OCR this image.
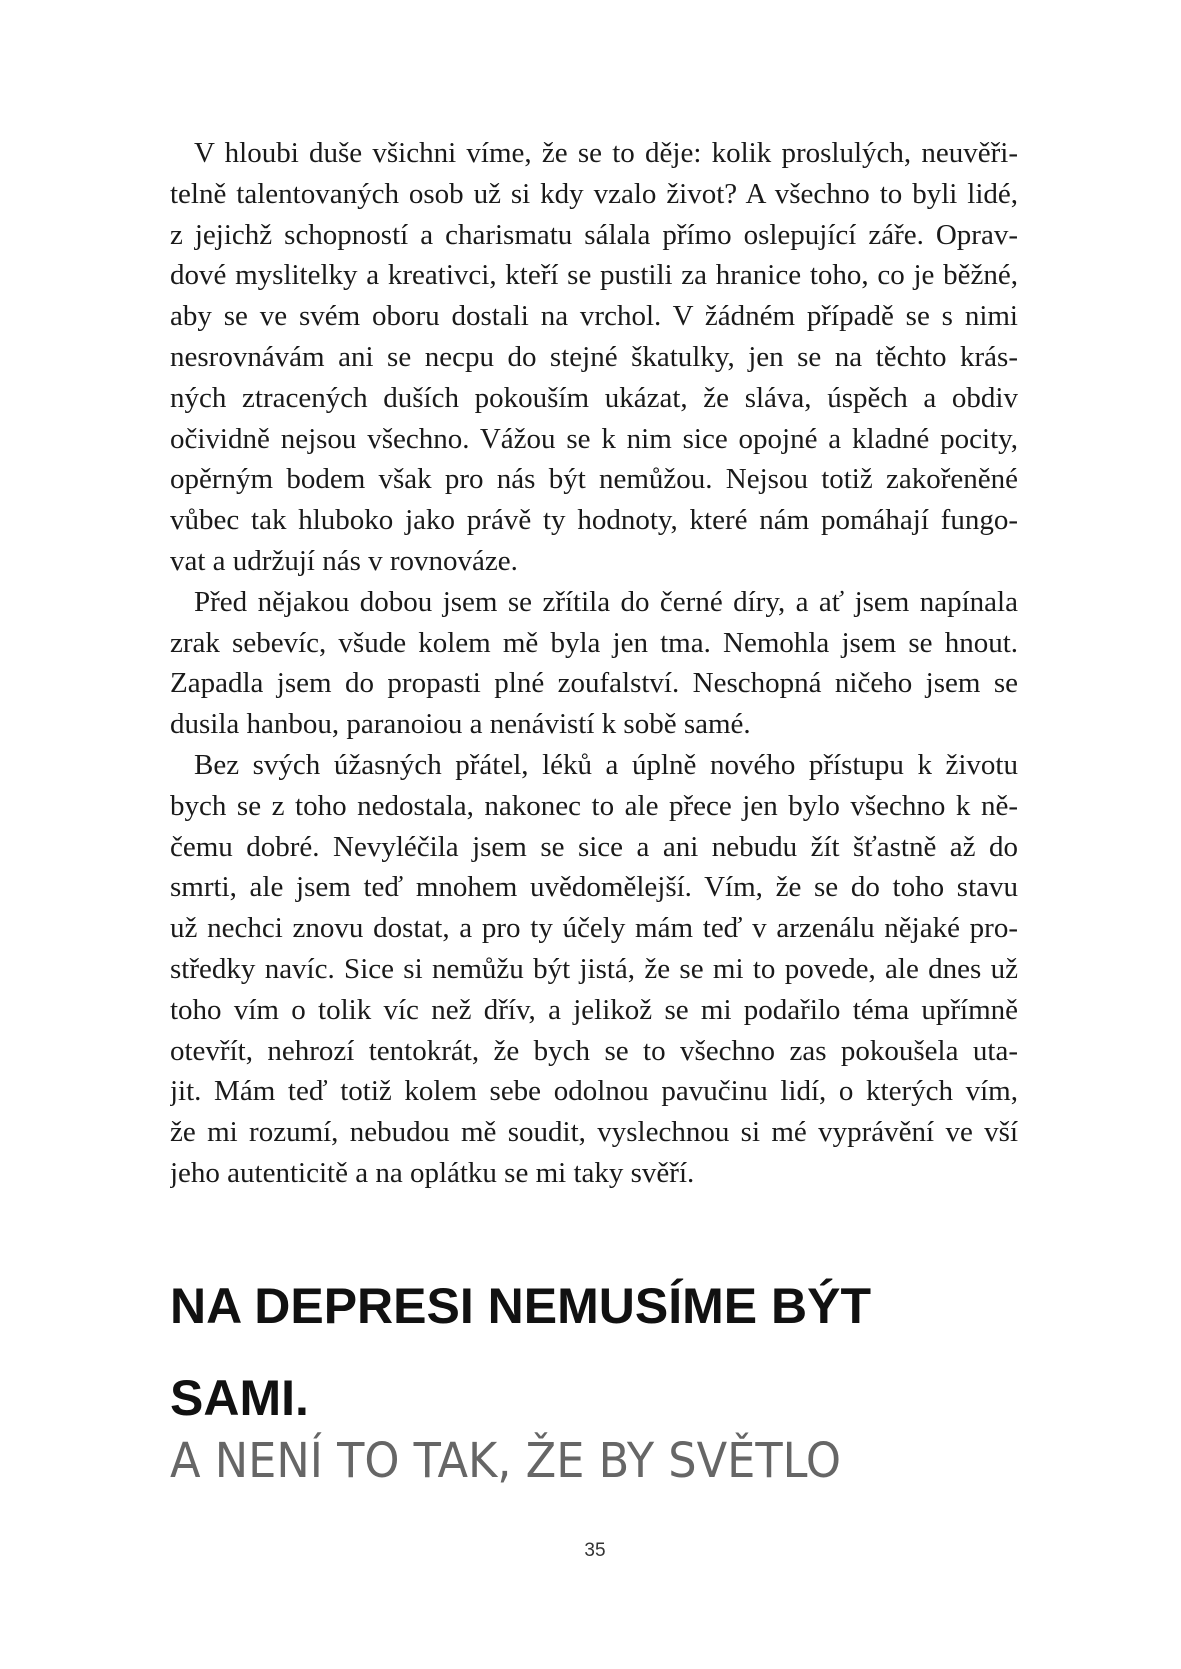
V hloubi duše všichni víme, že se to děje: kolik proslulých, neuvěři-
telně talentovaných osob už si kdy vzalo život? A všechno to byli lidé,
z jejichž schopností a charismatu sálala přímo oslepující záře. Oprav-
dové myslitelky a kreativci, kteří se pustili za hranice toho, co je běžné,
aby se ve svém oboru dostali na vrchol. V žádném případě se s nimi
nesrovnávám ani se necpu do stejné škatulky, jen se na těchto krás-
ných ztracených duších pokouším ukázat, že sláva, úspěch a obdiv
očividně nejsou všechno. Vážou se k nim sice opojné a kladné pocity,
opěrným bodem však pro nás být nemůžou. Nejsou totiž zakořeněné
vůbec tak hluboko jako právě ty hodnoty, které nám pomáhají fungo-
vat a udržují nás v rovnováze.
Před nějakou dobou jsem se zřítila do černé díry, a ať jsem napínala
zrak sebevíc, všude kolem mě byla jen tma. Nemohla jsem se hnout.
Zapadla jsem do propasti plné zoufalství. Neschopná ničeho jsem se
dusila hanbou, paranoiou a nenávistí k sobě samé.
Bez svých úžasných přátel, léků a úplně nového přístupu k životu
bych se z toho nedostala, nakonec to ale přece jen bylo všechno k ně-
čemu dobré. Nevyléčila jsem se sice a ani nebudu žít šťastně až do
smrti, ale jsem teď mnohem uvědomělejší. Vím, že se do toho stavu
už nechci znovu dostat, a pro ty účely mám teď v arzenálu nějaké pro-
středky navíc. Sice si nemůžu být jistá, že se mi to povede, ale dnes už
toho vím o tolik víc než dřív, a jelikož se mi podařilo téma upřímně
otevřít, nehrozí tentokrát, že bych se to všechno zas pokoušela uta-
jit. Mám teď totiž kolem sebe odolnou pavučinu lidí, o kterých vím,
že mi rozumí, nebudou mě soudit, vyslechnou si mé vyprávění ve vší
jeho autenticitě a na oplátku se mi taky svěří.
NA DEPRESI NEMUSÍME BÝT
SAMI.
A NENÍ TO TAK, ŽE BY SVĚTLO
35
